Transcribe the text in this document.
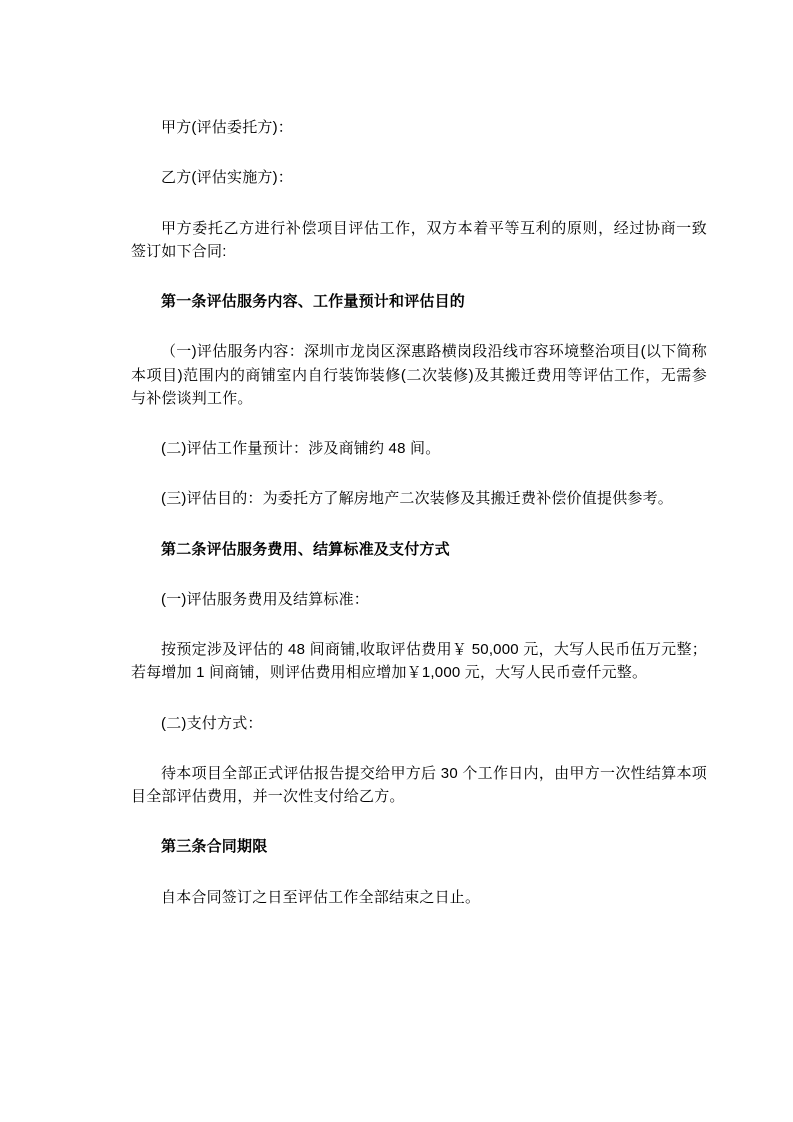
甲方(评估委托方)：

乙方(评估实施方)：

甲方委托乙方进行补偿项目评估工作，双方本着平等互利的原则，经过协商一致签订如下合同:

第一条评估服务内容、工作量预计和评估目的

（一)评估服务内容：深圳市龙岗区深惠路横岗段沿线市容环境整治项目(以下简称本项目)范围内的商铺室内自行装饰装修(二次装修)及其搬迁费用等评估工作，无需参与补偿谈判工作。

(二)评估工作量预计：涉及商铺约 48 间。

(三)评估目的：为委托方了解房地产二次装修及其搬迁费补偿价值提供参考。

第二条评估服务费用、结算标准及支付方式

(一)评估服务费用及结算标准：

按预定涉及评估的 48 间商铺,收取评估费用￥ 50,000 元，大写人民币伍万元整；若每增加 1 间商铺，则评估费用相应增加￥1,000 元，大写人民币壹仟元整。

(二)支付方式：

待本项目全部正式评估报告提交给甲方后 30 个工作日内，由甲方一次性结算本项目全部评估费用，并一次性支付给乙方。

第三条合同期限

自本合同签订之日至评估工作全部结束之日止。
